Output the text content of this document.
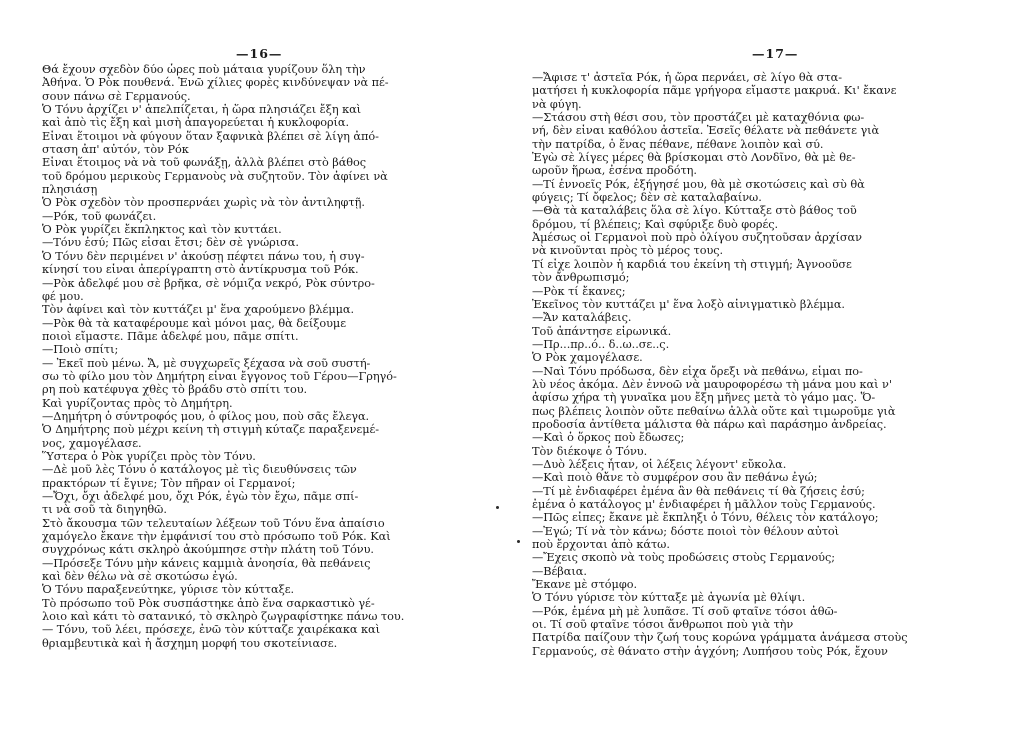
—16—
Θά ἔχουν σχεδὸν δύο ὧρες ποὺ μάταια γυρίζουν ὅλη τὴν
Ἀθήνα. Ὁ Ρὸκ πουθενά. Ἐνῶ χίλιες φορὲς κινδύνεψαν νὰ πέ-
σουν πάνω σὲ Γερμανούς.
Ὁ Τόνυ ἀρχίζει ν' ἀπελπίζεται, ἡ ὥρα πλησιάζει ἔξη καὶ
καὶ ἀπὸ τὶς ἔξη καὶ μισὴ ἀπαγορεύεται ἡ κυκλοφορία.
Εἶναι ἕτοιμοι νὰ φύγουν ὅταν ξαφνικὰ βλέπει σὲ λίγη ἀπό-
σταση ἀπ' αὐτόν, τὸν Ρόκ
Εἶναι ἕτοιμος νὰ νὰ τοῦ φωνάξῃ, ἀλλὰ βλέπει στὸ βάθος
τοῦ δρόμου μερικοὺς Γερμανοὺς νὰ συζητοῦν. Τὸν ἀφίνει νὰ
πλησιάσῃ
Ὁ Ρὸκ σχεδὸν τὸν προσπερνάει χωρὶς νὰ τὸν ἀντιληφτῇ.
—Ρόκ, τοῦ φωνάζει.
Ὁ Ρὸκ γυρίζει ἔκπληκτος καὶ τὸν κυττάει.
—Τόνυ ἐσύ; Πῶς εἶσαι ἔτσι; δὲν σὲ γνώρισα.
Ὁ Τόνυ δὲν περιμένει ν' ἀκούσῃ πέφτει πάνω του, ἡ συγ-
κίνησί του εἶναι ἀπερίγραπτη στὸ ἀντίκρυσμα τοῦ Ρόκ.
—Ρὸκ ἀδελφέ μου σὲ βρῆκα, σὲ νόμιζα νεκρό, Ρὸκ σύντρο-
φέ μου.
Τὸν ἀφίνει καὶ τὸν κυττάζει μ' ἕνα χαρούμενο βλέμμα.
—Ρὸκ θὰ τὰ καταφέρουμε καὶ μόνοι μας, θὰ δείξουμε
ποιοὶ εἴμαστε. Πᾶμε ἀδελφέ μου, πᾶμε σπίτι.
—Ποιὸ σπίτι;
— Ἐκεῖ ποὺ μένω. Ἄ, μὲ συγχωρεῖς ξέχασα νὰ σοῦ συστή-
σω τὸ φίλο μου τὸν Δημήτρη εἶναι ἔγγονος τοῦ Γέρου—Γρηγό-
ρη ποὺ κατέφυγα χθὲς τὸ βράδυ στὸ σπίτι του.
Καὶ γυρίζοντας πρὸς τὸ Δημήτρη.
—Δημήτρη ὁ σύντροφός μου, ὁ φίλος μου, ποὺ σᾶς ἔλεγα.
Ὁ Δημήτρης ποὺ μέχρι κείνη τὴ στιγμὴ κύταζε παραξενεμέ-
νος, χαμογέλασε.
Ὕστερα ὁ Ρὸκ γυρίζει πρὸς τὸν Τόνυ.
—Δὲ μοῦ λὲς Τόνυ ὁ κατάλογος μὲ τὶς διευθύνσεις τῶν
πρακτόρων τί ἔγινε; Τὸν πῆραν οἱ Γερμανοί;
—Ὄχι, ὄχι ἀδελφέ μου, ὄχι Ρόκ, ἐγὼ τὸν ἔχω, πᾶμε σπί-
τι νὰ σοῦ τὰ διηγηθῶ.
Στὸ ἄκουσμα τῶν τελευταίων λέξεων τοῦ Τόνυ ἕνα ἀπαίσιο
χαμόγελο ἔκανε τὴν ἐμφάνισί του στὸ πρόσωπο τοῦ Ρόκ. Καὶ
συγχρόνως κάτι σκληρὸ ἀκούμπησε στὴν πλάτη τοῦ Τόνυ.
—Πρόσεξε Τόνυ μὴν κάνεις καμμιὰ ἀνοησία, θὰ πεθάνεις
καὶ δὲν θέλω νὰ σὲ σκοτώσω ἐγώ.
Ὁ Τόνυ παραξενεύτηκε, γύρισε τὸν κύτταξε.
Τὸ πρόσωπο τοῦ Ρὸκ συσπάστηκε ἀπὸ ἕνα σαρκαστικὸ γέ-
λοιο καὶ κάτι τὸ σατανικό, τὸ σκληρὸ ζωγραφίστηκε πάνω του.
— Τόνυ, τοῦ λέει, πρόσεχε, ἐνῶ τὸν κύτταζε χαιρέκακα καὶ
θριαμβευτικὰ καὶ ἡ ἄσχημη μορφή του σκοτείνιασε.
—17—
—Ἄφισε τ' ἀστεῖα Ρόκ, ἡ ὥρα περνάει, σὲ λίγο θὰ στα-
ματήσει ἡ κυκλοφορία πᾶμε γρήγορα εἴμαστε μακρυά. Κι' ἔκανε
νὰ φύγη.
—Στάσου στὴ θέσι σου, τὸν προστάζει μὲ καταχθόνια φω-
νή, δὲν εἶναι καθόλου ἀστεῖα. Ἐσεῖς θέλατε νὰ πεθάνετε γιὰ
τὴν πατρίδα, ὁ ἕνας πέθανε, πέθανε λοιπὸν καὶ σύ.
Ἐγὼ σὲ λίγες μέρες θὰ βρίσκομαι στὸ Λονδῖνο, θὰ μὲ θε-
ωροῦν ἥρωα, ἐσένα προδότη.
—Τί ἐννοεῖς Ρόκ, ἐξήγησέ μου, θὰ μὲ σκοτώσεις καὶ σὺ θὰ
φύγεις; Τί ὄφελος; δὲν σὲ καταλαβαίνω.
—Θὰ τὰ καταλάβεις ὅλα σὲ λίγο. Κύτταξε στὸ βάθος τοῦ
δρόμου, τί βλέπεις; Καὶ σφύριξε δυὸ φορές.
Ἀμέσως οἱ Γερμανοὶ ποὺ πρὸ ὀλίγου συζητοῦσαν ἀρχίσαν
νὰ κινοῦνται πρὸς τὸ μέρος τους.
Τί εἶχε λοιπὸν ἡ καρδιά του ἐκείνη τὴ στιγμή; Ἀγνοοῦσε
τὸν ἄνθρωπισμό;
—Ρὸκ τί ἔκανες;
Ἐκεῖνος τὸν κυττάζει μ' ἕνα λοξὸ αἰνιγματικὸ βλέμμα.
—Ἄν καταλάβεις.
Τοῦ ἀπάντησε εἰρωνικά.
—Πρ...πρ..ό.. δ..ω..σε..ς.
Ὁ Ρὸκ χαμογέλασε.
—Ναὶ Τόνυ πρόδωσα, δὲν εἶχα ὄρεξι νὰ πεθάνω, εἶμαι πο-
λὺ νέος ἀκόμα. Δὲν ἐννοῶ νὰ μαυροφορέσω τὴ μάνα μου καὶ ν'
ἀφίσω χήρα τὴ γυναῖκα μου ἔξη μῆνες μετὰ τὸ γάμο μας. Ὅ-
πως βλέπεις λοιπὸν οὔτε πεθαίνω ἀλλὰ οὔτε καὶ τιμωροῦμε γιὰ
προδοσία ἀντίθετα μάλιστα θὰ πάρω καὶ παράσημο ἀνδρείας.
—Καὶ ὁ ὅρκος ποὺ ἔδωσες;
Τὸν διέκοψε ὁ Τόνυ.
—Δυὸ λέξεις ἦταν, οἱ λέξεις λέγοντ' εὔκολα.
—Καὶ ποιὸ θἄνε τὸ συμφέρον σου ἂν πεθάνω ἐγώ;
—Τί μὲ ἐνδιαφέρει ἐμένα ἂν θὰ πεθάνεις τί θὰ ζήσεις ἐσύ;
ἐμένα ὁ κατάλογος μ' ἐνδιαφέρει ἡ μᾶλλον τοὺς Γερμανούς.
—Πῶς εἶπες; ἔκανε μὲ ἔκπληξι ὁ Τόνυ, θέλεις τὸν κατάλογο;
—Ἐγώ; Τί νὰ τὸν κάνω; δόστε ποιοὶ τὸν θέλουν αὐτοὶ
ποὺ ἔρχονται ἀπὸ κάτω.
—Ἔχεις σκοπὸ νὰ τοὺς προδώσεις στοὺς Γερμανούς;
—Βέβαια.
Ἔκανε μὲ στόμφο.
Ὁ Τόνυ γύρισε τὸν κύτταξε μὲ ἀγωνία μὲ θλίψι.
—Ρόκ, ἐμένα μὴ μὲ λυπᾶσε. Τί σοῦ φταῖνε τόσοι ἀθῶ-
οι. Τί σοῦ φταῖνε τόσοι ἄνθρωποι ποὺ γιὰ τὴν
Πατρίδα παίζουν τὴν ζωή τους κορώνα γράμματα ἀνάμεσα στοὺς
Γερμανούς, σὲ θάνατο στὴν ἀγχόνη; Λυπήσου τοὺς Ρόκ, ἔχουν
